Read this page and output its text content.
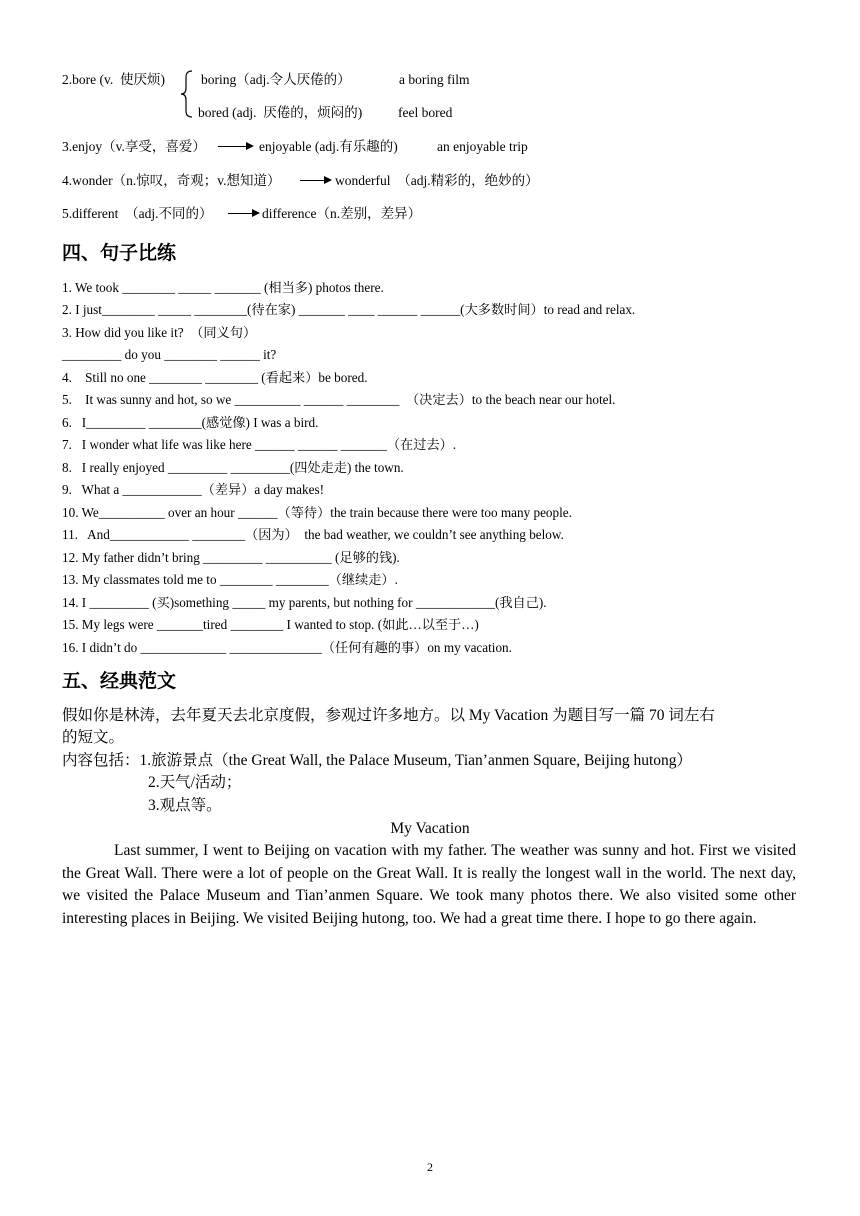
2.bore (v.  使厌烦)	boring（adj.令人厌倦的）	a boring film
bored (adj.  厌倦的，烦闷的)	feel bored
3.enjoy（v.享受，喜爱）	enjoyable (adj.有乐趣的)	an enjoyable trip
4.wonder（n.惊叹，奇观；v.想知道）	wonderful  （adj.精彩的，绝妙的）
5.different  （adj.不同的）	difference（n.差别，差异）
四、句子比练
1. We took ________ _____ _______ (相当多) photos there.
2. I just________ _____ ________(待在家) _______ ____ ______ ______(大多数时间）to read and relax.
3. How did you like it?  （同义句）
_________ do you ________ ______ it?
4.    Still no one ________ ________ (看起来）be bored.
5.    It was sunny and hot, so we __________ ______ ________  （决定去）to the beach near our hotel.
6.   I_________ ________(感觉像) I was a bird.
7.   I wonder what life was like here ______ ______ _______（在过去）.
8.   I really enjoyed _________ _________(四处走走) the town.
9.   What a ____________（差异）a day makes!
10. We__________ over an hour ______（等待）the train because there were too many people.
11.   And____________ ________（因为）  the bad weather, we couldn’t see anything below.
12. My father didn’t bring _________ __________ (足够的钱).
13. My classmates told me to ________ ________（继续走）.
14. I _________ (买)something _____ my parents, but nothing for ____________(我自己).
15. My legs were _______tired ________ I wanted to stop. (如此…以至于…)
16. I didn’t do _____________ ______________（任何有趣的事）on my vacation.
五、经典范文
假如你是林涛，去年夏天去北京度假，参观过许多地方。以 My Vacation 为题目写一篇 70 词左右
的短文。
内容包括：1.旅游景点（the Great Wall, the Palace Museum, Tian’anmen Square, Beijing hutong）
2.天气/活动；
3.观点等。
My Vacation
Last summer, I went to Beijing on vacation with my father. The weather was sunny and hot. First we visited the Great Wall. There were a lot of people on the Great Wall. It is really the longest wall in the world. The next day, we visited the Palace Museum and Tian’anmen Square. We took many photos there. We also visited some other interesting places in Beijing. We visited Beijing hutong, too. We had a great time there. I hope to go there again.
2
